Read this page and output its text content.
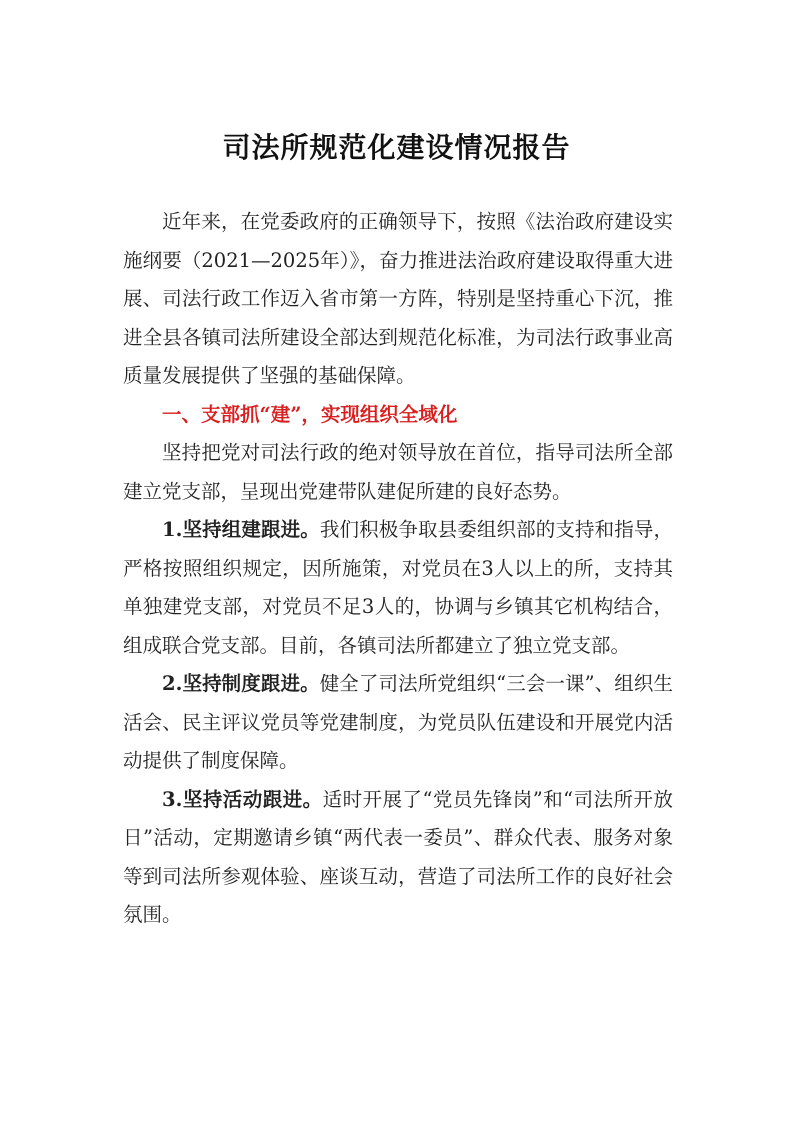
司法所规范化建设情况报告

近年来，在党委政府的正确领导下，按照《法治政府建设实施纲要（2021—2025年）》，奋力推进法治政府建设取得重大进展、司法行政工作迈入省市第一方阵，特别是坚持重心下沉，推进全县各镇司法所建设全部达到规范化标准，为司法行政事业高质量发展提供了坚强的基础保障。

一、支部抓“建”，实现组织全域化

坚持把党对司法行政的绝对领导放在首位，指导司法所全部建立党支部，呈现出党建带队建促所建的良好态势。

1.坚持组建跟进。我们积极争取县委组织部的支持和指导，严格按照组织规定，因所施策，对党员在3人以上的所，支持其单独建党支部，对党员不足3人的，协调与乡镇其它机构结合，组成联合党支部。目前，各镇司法所都建立了独立党支部。

2.坚持制度跟进。健全了司法所党组织“三会一课”、组织生活会、民主评议党员等党建制度，为党员队伍建设和开展党内活动提供了制度保障。

3.坚持活动跟进。适时开展了“党员先锋岗”和“司法所开放日”活动，定期邀请乡镇“两代表一委员”、群众代表、服务对象等到司法所参观体验、座谈互动，营造了司法所工作的良好社会氛围。
